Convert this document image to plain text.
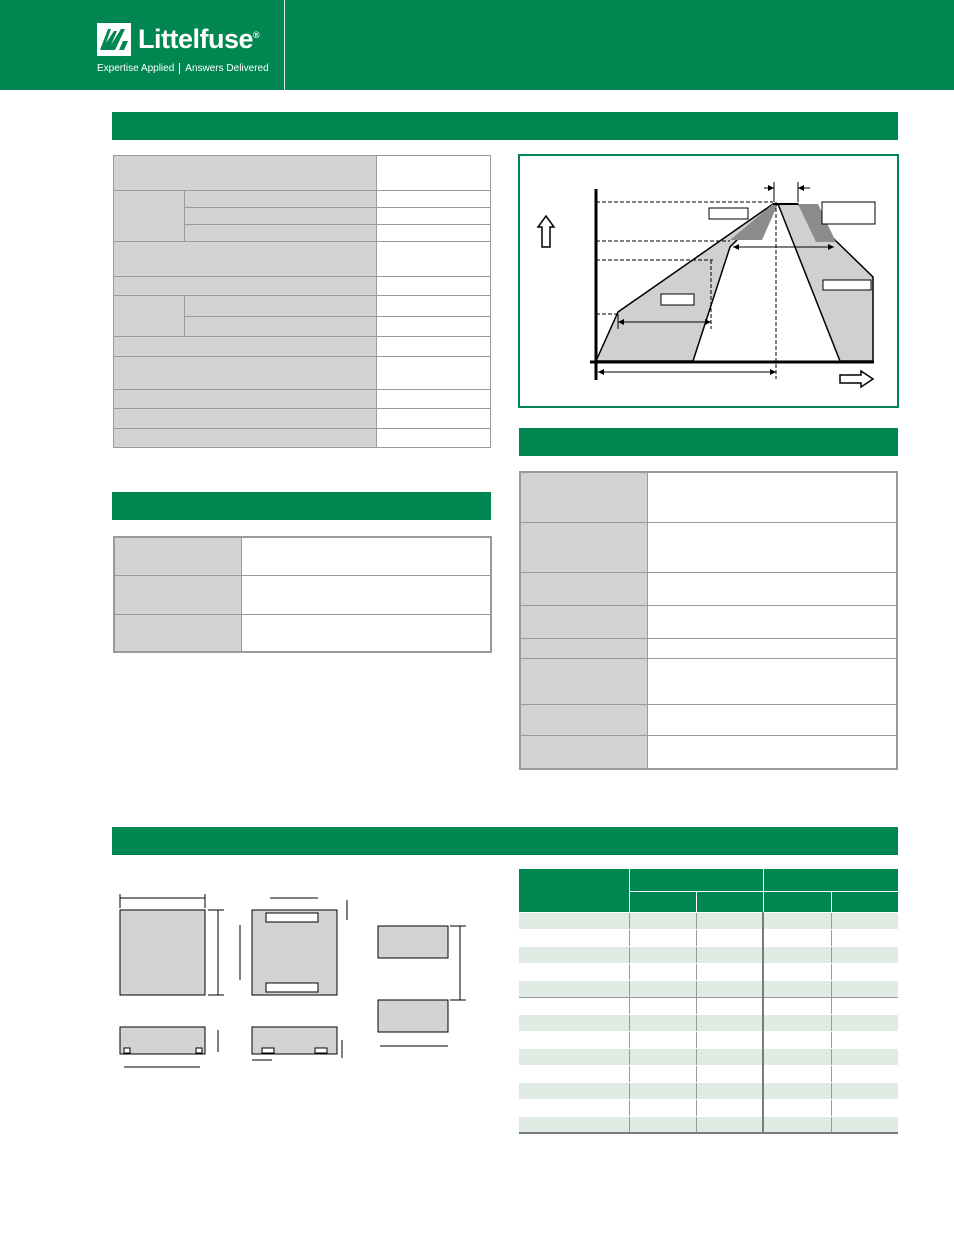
Littelfuse®
Expertise Applied Answers Delivered
